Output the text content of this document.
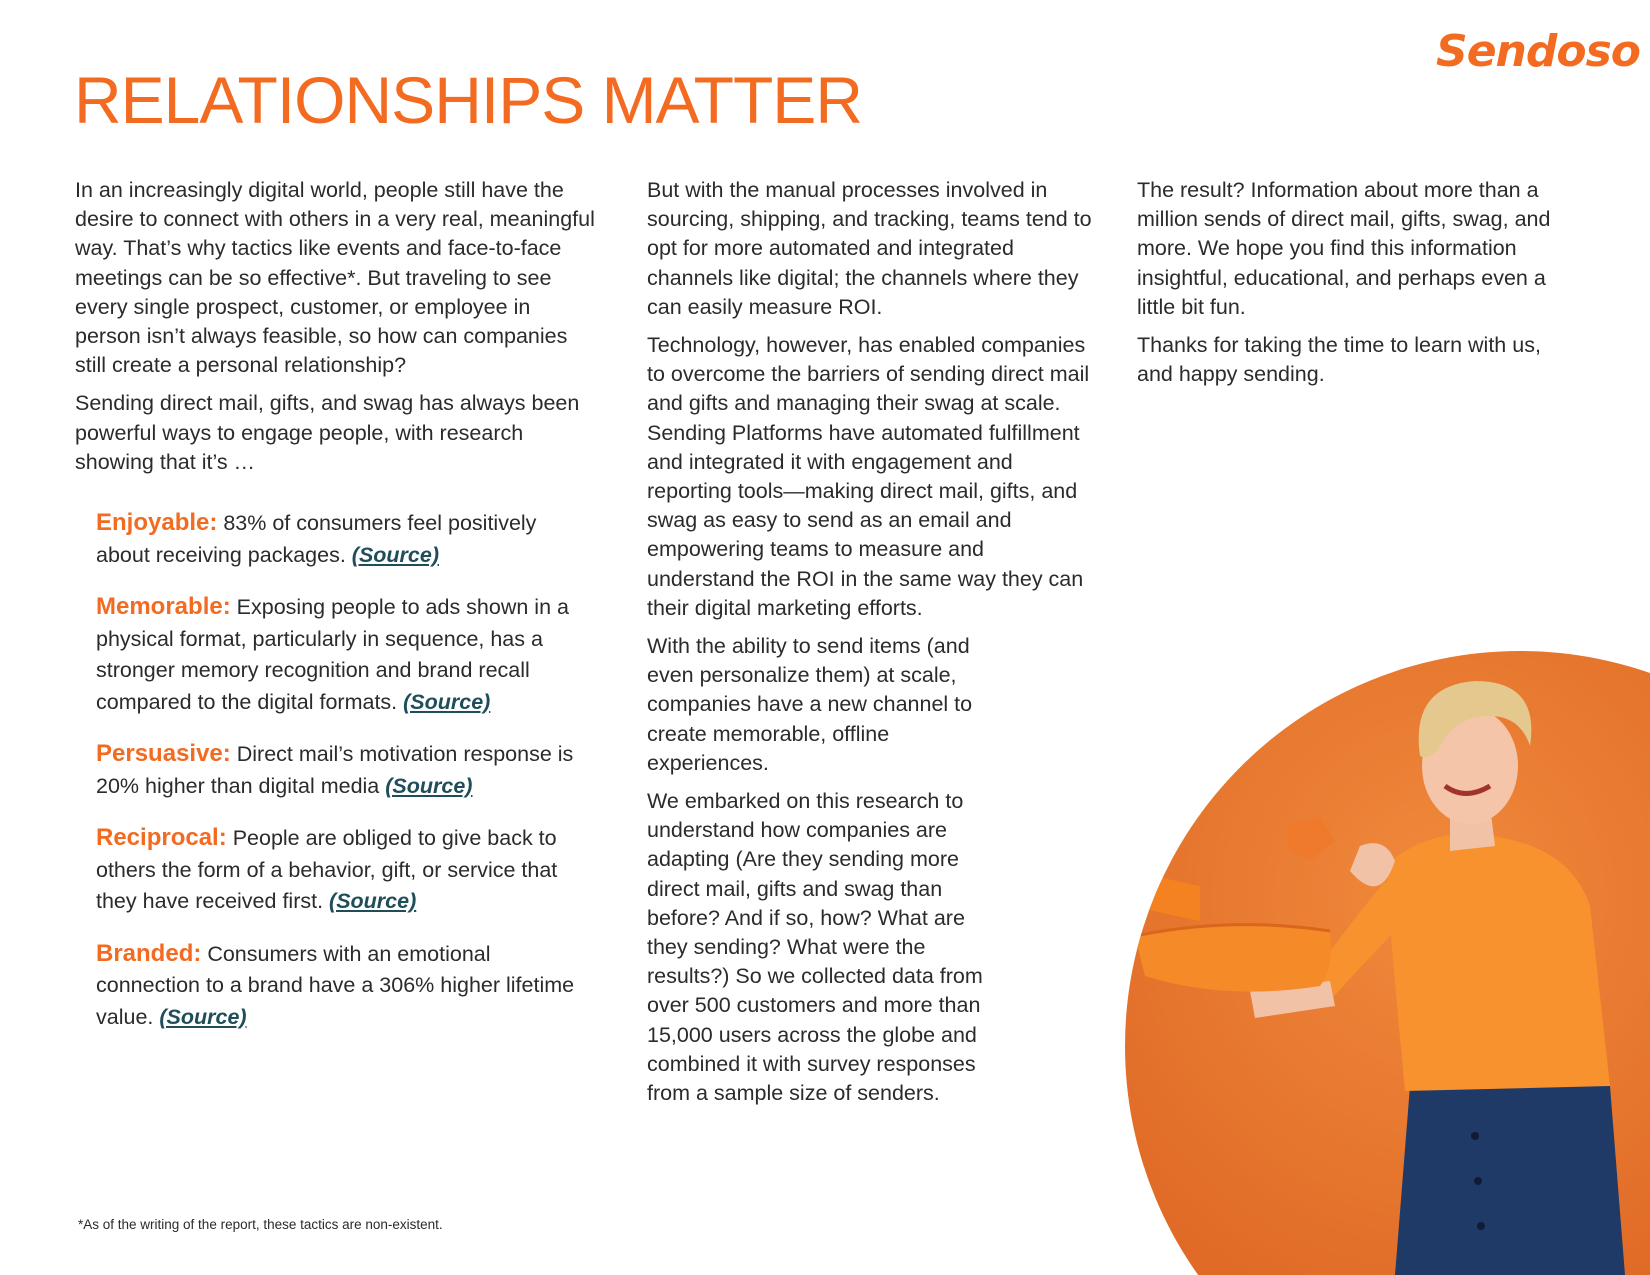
Sendoso
RELATIONSHIPS MATTER

In an increasingly digital world, people still have the desire to connect with others in a very real, meaningful way. That’s why tactics like events and face-to-face meetings can be so effective*. But traveling to see every single prospect, customer, or employee in person isn’t always feasible, so how can companies still create a personal relationship?

Sending direct mail, gifts, and swag has always been powerful ways to engage people, with research showing that it’s …

Enjoyable: 83% of consumers feel positively about receiving packages. (Source)
Memorable: Exposing people to ads shown in a physical format, particularly in sequence, has a stronger memory recognition and brand recall compared to the digital formats. (Source)
Persuasive: Direct mail’s motivation response is 20% higher than digital media (Source)
Reciprocal: People are obliged to give back to others the form of a behavior, gift, or service that they have received first. (Source)
Branded: Consumers with an emotional connection to a brand have a 306% higher lifetime value. (Source)

But with the manual processes involved in sourcing, shipping, and tracking, teams tend to opt for more automated and integrated channels like digital; the channels where they can easily measure ROI.

Technology, however, has enabled companies to overcome the barriers of sending direct mail and gifts and managing their swag at scale. Sending Platforms have automated fulfillment and integrated it with engagement and reporting tools—making direct mail, gifts, and swag as easy to send as an email and empowering teams to measure and understand the ROI in the same way they can their digital marketing efforts.

With the ability to send items (and even personalize them) at scale, companies have a new channel to create memorable, offline experiences.

We embarked on this research to understand how companies are adapting (Are they sending more direct mail, gifts and swag than before? And if so, how? What are they sending? What were the results?) So we collected data from over 500 customers and more than 15,000 users across the globe and combined it with survey responses from a sample size of senders.

The result? Information about more than a million sends of direct mail, gifts, swag, and more. We hope you find this information insightful, educational, and perhaps even a little bit fun.

Thanks for taking the time to learn with us, and happy sending.

*As of the writing of the report, these tactics are non-existent.
